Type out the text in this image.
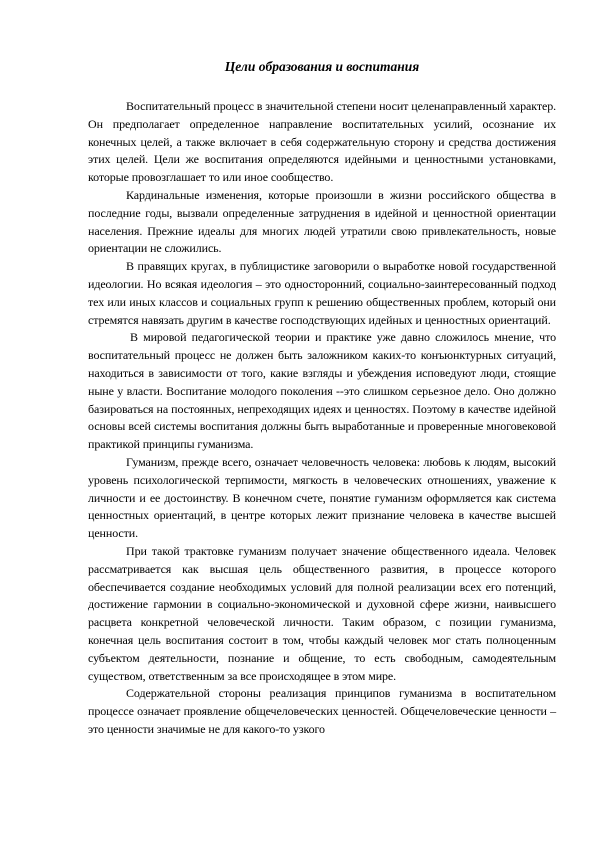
Цели образования и воспитания

Воспитательный процесс в значительной степени носит целенаправленный характер. Он предполагает определенное направление воспитательных усилий, осознание их конечных целей, а также включает в себя содержательную сторону и средства достижения этих целей. Цели же воспитания определяются идейными и ценностными установками, которые провозглашает то или иное сообщество.

Кардинальные изменения, которые произошли в жизни российского общества в последние годы, вызвали определенные затруднения в идейной и ценностной ориентации населения. Прежние идеалы для многих людей утратили свою привлекательность, новые ориентации не сложились.

В правящих кругах, в публицистике заговорили о выработке новой государственной идеологии. Но всякая идеология – это односторонний, социально-заинтересованный подход тех или иных классов и социальных групп к решению общественных проблем, который они стремятся навязать другим в качестве господствующих идейных и ценностных ориентаций.

В мировой педагогической теории и практике уже давно сложилось мнение, что воспитательный процесс не должен быть заложником каких-то конъюнктурных ситуаций, находиться в зависимости от того, какие взгляды и убеждения исповедуют люди, стоящие ныне у власти. Воспитание молодого поколения --это слишком серьезное дело. Оно должно базироваться на постоянных, непреходящих идеях и ценностях. Поэтому в качестве идейной основы всей системы воспитания должны быть выработанные и проверенные многовековой практикой принципы гуманизма.

Гуманизм, прежде всего, означает человечность человека: любовь к людям, высокий уровень психологической терпимости, мягкость в человеческих отношениях, уважение к личности и ее достоинству. В конечном счете, понятие гуманизм оформляется как система ценностных ориентаций, в центре которых лежит признание человека в качестве высшей ценности.

При такой трактовке гуманизм получает значение общественного идеала. Человек рассматривается как высшая цель общественного развития, в процессе которого обеспечивается создание необходимых условий для полной реализации всех его потенций, достижение гармонии в социально-экономической и духовной сфере жизни, наивысшего расцвета конкретной человеческой личности. Таким образом, с позиции гуманизма, конечная цель воспитания состоит в том, чтобы каждый человек мог стать полноценным субъектом деятельности, познание и общение, то есть свободным, самодеятельным существом, ответственным за все происходящее в этом мире.

Содержательной стороны реализация принципов гуманизма в воспитательном процессе означает проявление общечеловеческих ценностей. Общечеловеческие ценности – это ценности значимые не для какого-то узкого
